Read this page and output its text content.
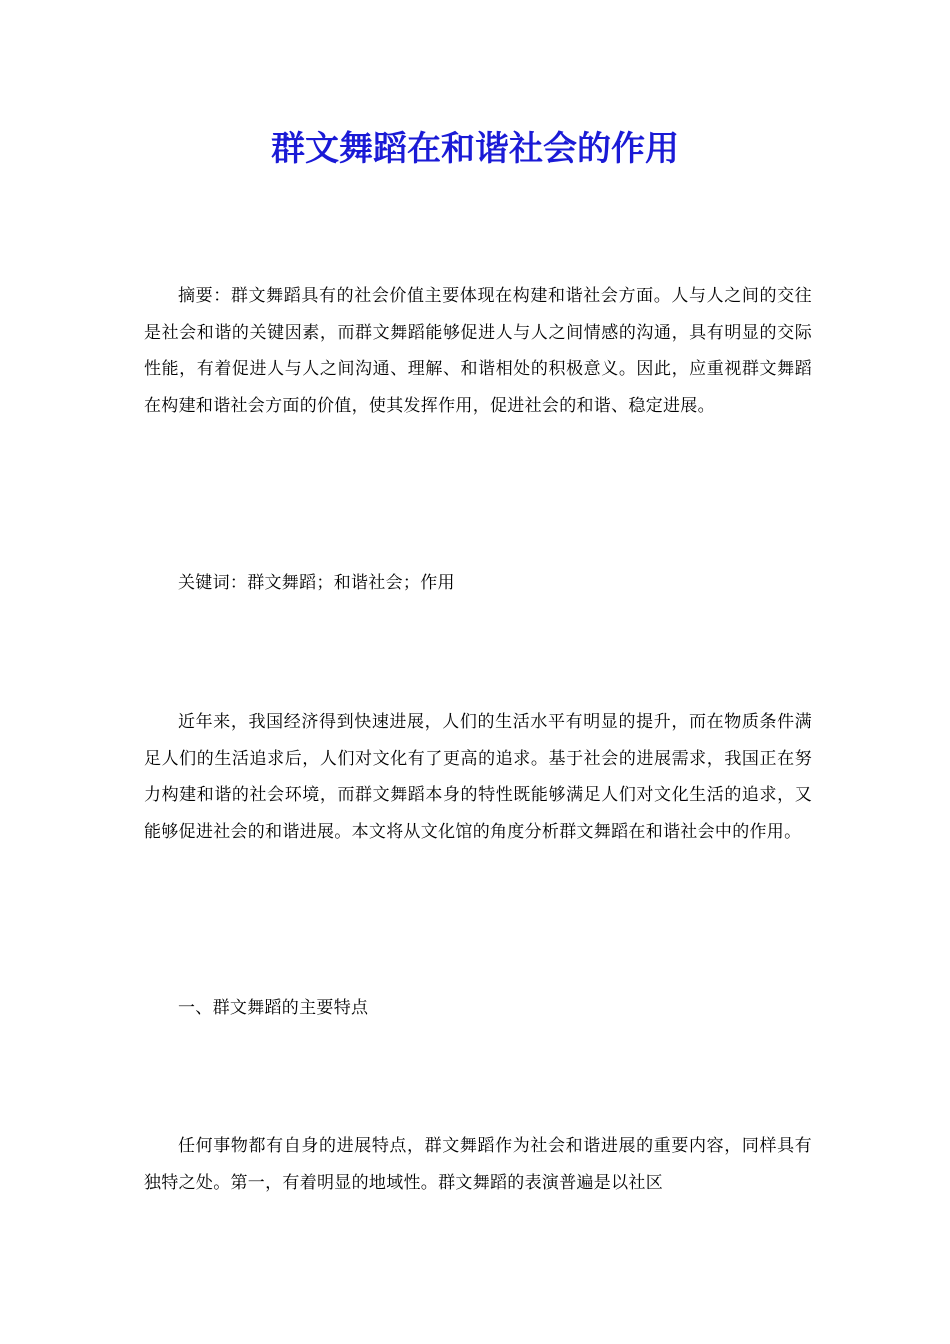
群文舞蹈在和谐社会的作用

摘要：群文舞蹈具有的社会价值主要体现在构建和谐社会方面。人与人之间的交往是社会和谐的关键因素，而群文舞蹈能够促进人与人之间情感的沟通，具有明显的交际性能，有着促进人与人之间沟通、理解、和谐相处的积极意义。因此，应重视群文舞蹈在构建和谐社会方面的价值，使其发挥作用，促进社会的和谐、稳定进展。

关键词：群文舞蹈；和谐社会；作用

近年来，我国经济得到快速进展，人们的生活水平有明显的提升，而在物质条件满足人们的生活追求后，人们对文化有了更高的追求。基于社会的进展需求，我国正在努力构建和谐的社会环境，而群文舞蹈本身的特性既能够满足人们对文化生活的追求，又能够促进社会的和谐进展。本文将从文化馆的角度分析群文舞蹈在和谐社会中的作用。

一、群文舞蹈的主要特点

任何事物都有自身的进展特点，群文舞蹈作为社会和谐进展的重要内容，同样具有独特之处。第一，有着明显的地域性。群文舞蹈的表演普遍是以社区
